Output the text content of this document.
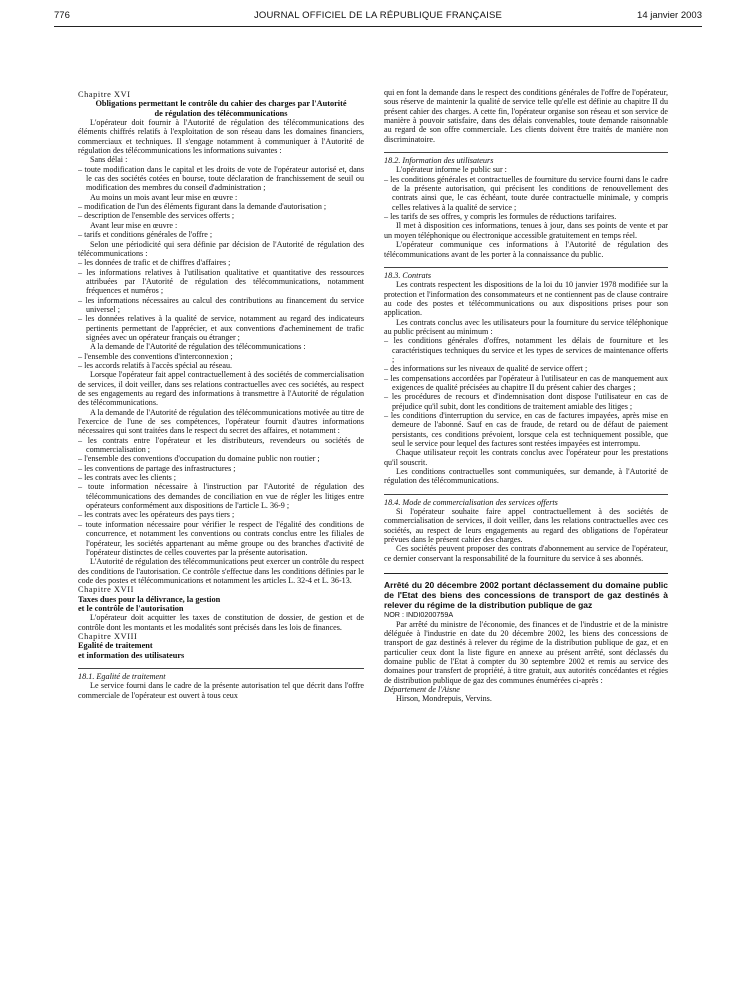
776	JOURNAL OFFICIEL DE LA RÉPUBLIQUE FRANÇAISE	14 janvier 2003

Chapitre XVI

Obligations permettant le contrôle du cahier des charges par l'Autorité de régulation des télécommunications

L'opérateur doit fournir à l'Autorité de régulation des télécommunications des éléments chiffrés relatifs à l'exploitation de son réseau dans les domaines financiers, commerciaux et techniques. Il s'engage notamment à communiquer à l'Autorité de régulation des télécommunications les informations suivantes :

Sans délai :

– toute modification dans le capital et les droits de vote de l'opérateur autorisé et, dans le cas des sociétés cotées en bourse, toute déclaration de franchissement de seuil ou modification des membres du conseil d'administration ;

Au moins un mois avant leur mise en œuvre :

– modification de l'un des éléments figurant dans la demande d'autorisation ;

– description de l'ensemble des services offerts ;

Avant leur mise en œuvre :

– tarifs et conditions générales de l'offre ;

Selon une périodicité qui sera définie par décision de l'Autorité de régulation des télécommunications :

– les données de trafic et de chiffres d'affaires ;

– les informations relatives à l'utilisation qualitative et quantitative des ressources attribuées par l'Autorité de régulation des télécommunications, notamment fréquences et numéros ;

– les informations nécessaires au calcul des contributions au financement du service universel ;

– les données relatives à la qualité de service, notamment au regard des indicateurs pertinents permettant de l'apprécier, et aux conventions d'acheminement de trafic signées avec un opérateur français ou étranger ;

A la demande de l'Autorité de régulation des télécommunications :

– l'ensemble des conventions d'interconnexion ;

– les accords relatifs à l'accès spécial au réseau.

Lorsque l'opérateur fait appel contractuellement à des sociétés de commercialisation de services, il doit veiller, dans ses relations contractuelles avec ces sociétés, au respect de ses engagements au regard des informations à transmettre à l'Autorité de régulation des télécommunications.

A la demande de l'Autorité de régulation des télécommunications motivée au titre de l'exercice de l'une de ses compétences, l'opérateur fournit d'autres informations nécessaires qui sont traitées dans le respect du secret des affaires, et notamment :

– les contrats entre l'opérateur et les distributeurs, revendeurs ou sociétés de commercialisation ;

– l'ensemble des conventions d'occupation du domaine public non routier ;

– les conventions de partage des infrastructures ;

– les contrats avec les clients ;

– toute information nécessaire à l'instruction par l'Autorité de régulation des télécommunications des demandes de conciliation en vue de régler les litiges entre opérateurs conformément aux dispositions de l'article L. 36-9 ;

– les contrats avec les opérateurs des pays tiers ;

– toute information nécessaire pour vérifier le respect de l'égalité des conditions de concurrence, et notamment les conventions ou contrats conclus entre les filiales de l'opérateur, les sociétés appartenant au même groupe ou des branches d'activité de l'opérateur distinctes de celles couvertes par la présente autorisation.

L'Autorité de régulation des télécommunications peut exercer un contrôle du respect des conditions de l'autorisation. Ce contrôle s'effectue dans les conditions définies par le code des postes et télécommunications et notamment les articles L. 32-4 et L. 36-13.

Chapitre XVII

Taxes dues pour la délivrance, la gestion

et le contrôle de l'autorisation

L'opérateur doit acquitter les taxes de constitution de dossier, de gestion et de contrôle dont les montants et les modalités sont précisés dans les lois de finances.

Chapitre XVIII

Egalité de traitement

et information des utilisateurs

18.1. Egalité de traitement

Le service fourni dans le cadre de la présente autorisation tel que décrit dans l'offre commerciale de l'opérateur est ouvert à tous ceux

qui en font la demande dans le respect des conditions générales de l'offre de l'opérateur, sous réserve de maintenir la qualité de service telle qu'elle est définie au chapitre II du présent cahier des charges. A cette fin, l'opérateur organise son réseau et son service de manière à pouvoir satisfaire, dans des délais convenables, toute demande raisonnable au regard de son offre commerciale. Les clients doivent être traités de manière non discriminatoire.

18.2. Information des utilisateurs

L'opérateur informe le public sur :

– les conditions générales et contractuelles de fourniture du service fourni dans le cadre de la présente autorisation, qui précisent les conditions de renouvellement des contrats ainsi que, le cas échéant, toute durée contractuelle minimale, y compris celles relatives à la qualité de service ;

– les tarifs de ses offres, y compris les formules de réductions tarifaires.

Il met à disposition ces informations, tenues à jour, dans ses points de vente et par un moyen téléphonique ou électronique accessible gratuitement en temps réel.

L'opérateur communique ces informations à l'Autorité de régulation des télécommunications avant de les porter à la connaissance du public.

18.3. Contrats

Les contrats respectent les dispositions de la loi du 10 janvier 1978 modifiée sur la protection et l'information des consommateurs et ne contiennent pas de clause contraire au code des postes et télécommunications ou aux dispositions prises pour son application.

Les contrats conclus avec les utilisateurs pour la fourniture du service téléphonique au public précisent au minimum :

– les conditions générales d'offres, notamment les délais de fourniture et les caractéristiques techniques du service et les types de services de maintenance offerts ;

– des informations sur les niveaux de qualité de service offert ;

– les compensations accordées par l'opérateur à l'utilisateur en cas de manquement aux exigences de qualité précisées au chapitre II du présent cahier des charges ;

– les procédures de recours et d'indemnisation dont dispose l'utilisateur en cas de préjudice qu'il subit, dont les conditions de traitement amiable des litiges ;

– les conditions d'interruption du service, en cas de factures impayées, après mise en demeure de l'abonné. Sauf en cas de fraude, de retard ou de défaut de paiement persistants, ces conditions prévoient, lorsque cela est techniquement possible, que seul le service pour lequel des factures sont restées impayées est interrompu.

Chaque utilisateur reçoit les contrats conclus avec l'opérateur pour les prestations qu'il souscrit.

Les conditions contractuelles sont communiquées, sur demande, à l'Autorité de régulation des télécommunications.

18.4. Mode de commercialisation des services offerts

Si l'opérateur souhaite faire appel contractuellement à des sociétés de commercialisation de services, il doit veiller, dans les relations contractuelles avec ces sociétés, au respect de leurs engagements au regard des obligations de l'opérateur prévues dans le présent cahier des charges.

Ces sociétés peuvent proposer des contrats d'abonnement au service de l'opérateur, ce dernier conservant la responsabilité de la fourniture du service à ses abonnés.

Arrêté du 20 décembre 2002 portant déclassement du domaine public de l'Etat des biens des concessions de transport de gaz destinés à relever du régime de la distribution publique de gaz

NOR : INDI0200759A

Par arrêté du ministre de l'économie, des finances et de l'industrie et de la ministre déléguée à l'industrie en date du 20 décembre 2002, les biens des concessions de transport de gaz destinés à relever du régime de la distribution publique de gaz, et en particulier ceux dont la liste figure en annexe au présent arrêté, sont déclassés du domaine public de l'Etat à compter du 30 septembre 2002 et remis au service des domaines pour transfert de propriété, à titre gratuit, aux autorités concédantes et régies de distribution publique de gaz des communes énumérées ci-après :

Département de l'Aisne

Hirson, Mondrepuis, Vervins.
